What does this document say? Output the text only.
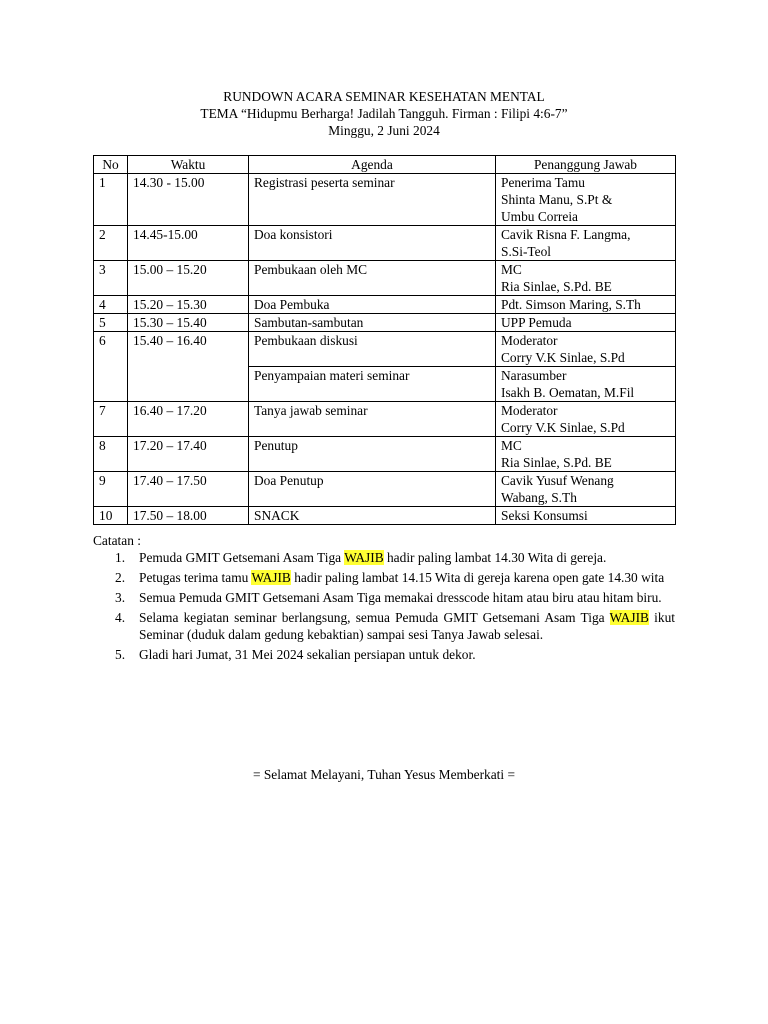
RUNDOWN ACARA SEMINAR KESEHATAN MENTAL
TEMA “Hidupmu Berharga! Jadilah Tangguh. Firman : Filipi 4:6-7”
Minggu, 2 Juni 2024
No	Waktu	Agenda	Penanggung Jawab
1	14.30 - 15.00	Registrasi peserta seminar	Penerima Tamu
Shinta Manu, S.Pt &
Umbu Correia

2	14.45-15.00	Doa konsistori	Cavik Risna F. Langma,
S.Si-Teol

3	15.00 – 15.20	Pembukaan oleh MC	MC
Ria Sinlae, S.Pd. BE

4	15.20 – 15.30	Doa Pembuka	Pdt. Simson Maring, S.Th

5	15.30 – 15.40	Sambutan-sambutan	UPP Pemuda

6	15.40 – 16.40	Pembukaan diskusi	Moderator
Corry V.K Sinlae, S.Pd

		Penyampaian materi seminar	Narasumber
Isakh B. Oematan, M.Fil

7	16.40 – 17.20	Tanya jawab seminar	Moderator
Corry V.K Sinlae, S.Pd

8	17.20 – 17.40	Penutup	MC
Ria Sinlae, S.Pd. BE

9	17.40 – 17.50	Doa Penutup	Cavik Yusuf Wenang
Wabang, S.Th

10	17.50 – 18.00	SNACK	Seksi Konsumsi
Catatan :
1. Pemuda GMIT Getsemani Asam Tiga WAJIB hadir paling lambat 14.30 Wita di gereja.
2. Petugas terima tamu WAJIB hadir paling lambat 14.15 Wita di gereja karena open gate 14.30 wita
3. Semua Pemuda GMIT Getsemani Asam Tiga memakai dresscode hitam atau biru atau hitam biru.
4. Selama kegiatan seminar berlangsung, semua Pemuda GMIT Getsemani Asam Tiga WAJIB ikut Seminar (duduk dalam gedung kebaktian) sampai sesi Tanya Jawab selesai.
5. Gladi hari Jumat, 31 Mei 2024 sekalian persiapan untuk dekor.
= Selamat Melayani, Tuhan Yesus Memberkati =
